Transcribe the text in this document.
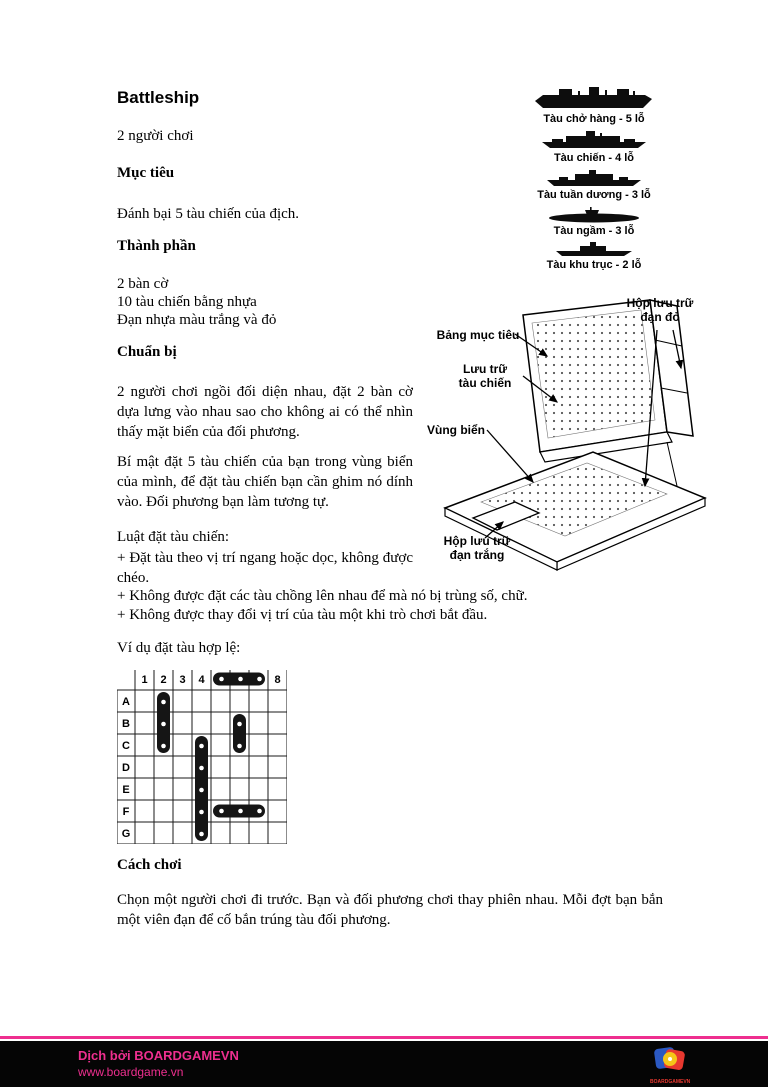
Battleship
2 người chơi
Mục tiêu
Đánh bại 5 tàu chiến của địch.
Thành phần
2 bàn cờ
10 tàu chiến bằng nhựa
Đạn nhựa màu trắng và đỏ
Chuẩn bị
2 người chơi ngồi đối diện nhau, đặt 2 bàn cờ dựa lưng vào nhau sao cho không ai có thể nhìn thấy mặt biển của đối phương.
Bí mật đặt 5 tàu chiến của bạn trong vùng biển của mình, để đặt tàu chiến bạn cần ghim nó dính vào. Đối phương bạn làm tương tự.
Luật đặt tàu chiến:
+ Đặt tàu theo vị trí ngang hoặc dọc, không được chéo.
+ Không được đặt các tàu chồng lên nhau để mà nó bị trùng số, chữ.
+ Không được thay đổi vị trí của tàu một khi trò chơi bắt đầu.
Ví dụ đặt tàu hợp lệ:
1 2 3 4	8
A
B
C
D
E
F
G
Cách chơi
Chọn một người chơi đi trước. Bạn và đối phương chơi thay phiên nhau. Mỗi đợt bạn bắn một viên đạn để cố bắn trúng tàu đối phương.
Tàu chở hàng - 5 lỗ
Tàu chiến - 4 lỗ
Tàu tuần dương - 3 lỗ
Tàu ngầm - 3 lỗ
Tàu khu trục - 2 lỗ
Hộp lưu trữ
đạn đỏ
Bảng mục tiêu
Lưu trữ
tàu chiến
Vùng biển
Hộp lưu trữ
đạn trắng
Dịch bởi BOARDGAMEVN
www.boardgame.vn
BOARDGAMEVN
